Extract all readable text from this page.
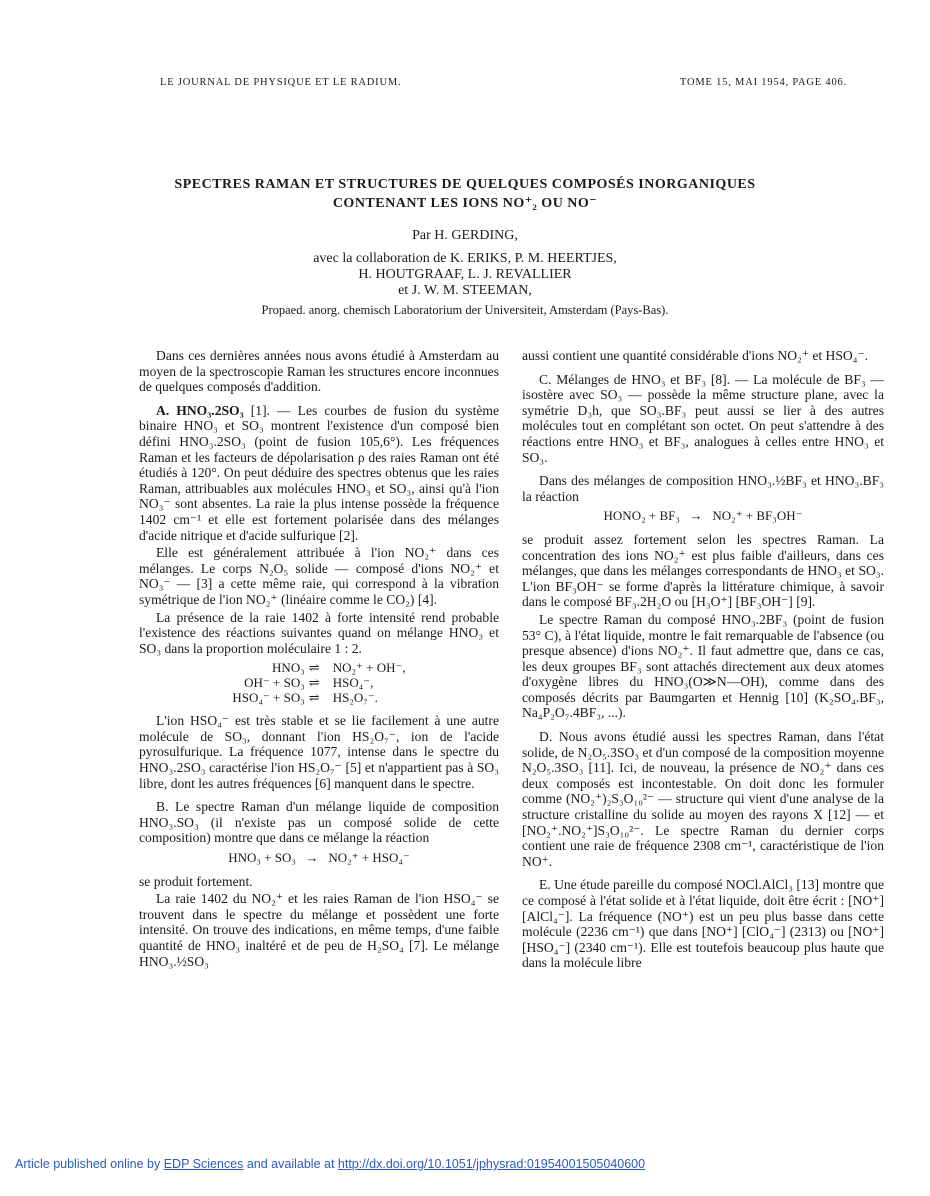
LE JOURNAL DE PHYSIQUE ET LE RADIUM.	TOME 15, MAI 1954, PAGE 406.
SPECTRES RAMAN ET STRUCTURES DE QUELQUES COMPOSÉS INORGANIQUES
CONTENANT LES IONS NO⁺₂ OU NO⁻
Par H. GERDING,
avec la collaboration de K. ERIKS, P. M. HEERTJES,
H. HOUTGRAAF, L. J. REVALLIER
et J. W. M. STEEMAN,
Propaed. anorg. chemisch Laboratorium der Universiteit, Amsterdam (Pays-Bas).

Dans ces dernières années nous avons étudié à Amsterdam au moyen de la spectroscopie Raman les structures encore inconnues de quelques composés d'addition.

A. HNO₃.2SO₃ [1]. — Les courbes de fusion du système binaire HNO₃ et SO₃ montrent l'existence d'un composé bien défini HNO₃.2SO₃ (point de fusion 105,6°). Les fréquences Raman et les facteurs de dépolarisation ρ des raies Raman ont été étudiés à 120°. On peut déduire des spectres obtenus que les raies Raman, attribuables aux molécules HNO₃ et SO₃, ainsi qu'à l'ion NO₃⁻ sont absentes. La raie la plus intense possède la fréquence 1402 cm⁻¹ et elle est fortement polarisée dans des mélanges d'acide nitrique et d'acide sulfurique [2].

Elle est généralement attribuée à l'ion NO₂⁺ dans ces mélanges. Le corps N₂O₅ solide — composé d'ions NO₂⁺ et NO₃⁻ — [3] a cette même raie, qui correspond à la vibration symétrique de l'ion NO₂⁺ (linéaire comme le CO₂) [4].

La présence de la raie 1402 à forte intensité rend probable l'existence des réactions suivantes quand on mélange HNO₃ et SO₃ dans la proportion moléculaire 1 : 2.

HNO₃ ⇌	NO₂⁺ + OH⁻,
OH⁻ + SO₃ ⇌	HSO₄⁻,
HSO₄⁻ + SO₃ ⇌	HS₂O₇⁻.

L'ion HSO₄⁻ est très stable et se lie facilement à une autre molécule de SO₃, donnant l'ion HS₂O₇⁻, ion de l'acide pyrosulfurique. La fréquence 1077, intense dans le spectre du HNO₃.2SO₃ caractérise l'ion HS₂O₇⁻ [5] et n'appartient pas à SO₃ libre, dont les autres fréquences [6] manquent dans le spectre.

B. Le spectre Raman d'un mélange liquide de composition HNO₃.SO₃ (il n'existe pas un composé solide de cette composition) montre que dans ce mélange la réaction

HNO₃ + SO₃   →   NO₂⁺ + HSO₄⁻

se produit fortement.

La raie 1402 du NO₂⁺ et les raies Raman de l'ion HSO₄⁻ se trouvent dans le spectre du mélange et possèdent une forte intensité. On trouve des indications, en même temps, d'une faible quantité de HNO₃ inaltéré et de peu de H₂SO₄ [7]. Le mélange HNO₃.½SO₃

aussi contient une quantité considérable d'ions NO₂⁺ et HSO₄⁻.

C. Mélanges de HNO₃ et BF₃ [8]. — La molécule de BF₃ — isostère avec SO₃ — possède la même structure plane, avec la symétrie D₃h, que SO₃.BF₃ peut aussi se lier à des autres molécules tout en complétant son octet. On peut s'attendre à des réactions entre HNO₃ et BF₃, analogues à celles entre HNO₃ et SO₃.

Dans des mélanges de composition HNO₃.½BF₃ et HNO₃.BF₃ la réaction

HONO₂ + BF₃   →   NO₂⁺ + BF₃OH⁻

se produit assez fortement selon les spectres Raman. La concentration des ions NO₂⁺ est plus faible d'ailleurs, dans ces mélanges, que dans les mélanges correspondants de HNO₃ et SO₃. L'ion BF₃OH⁻ se forme d'après la littérature chimique, à savoir dans le composé BF₃.2H₂O ou [H₃O⁺] [BF₃OH⁻] [9].

Le spectre Raman du composé HNO₃.2BF₃ (point de fusion 53° C), à l'état liquide, montre le fait remarquable de l'absence (ou presque absence) d'ions NO₂⁺. Il faut admettre que, dans ce cas, les deux groupes BF₃ sont attachés directement aux deux atomes d'oxygène libres du HNO₃(O≫N—OH), comme dans des composés décrits par Baumgarten et Hennig [10] (K₂SO₄.BF₃, Na₄P₂O₇.4BF₃, ...).

D. Nous avons étudié aussi les spectres Raman, dans l'état solide, de N₂O₅.3SO₃ et d'un composé de la composition moyenne N₂O₅.3SO₃ [11]. Ici, de nouveau, la présence de NO₂⁺ dans ces deux composés est incontestable. On doit donc les formuler comme (NO₂⁺)₂S₃O₁₀²⁻ — structure qui vient d'une analyse de la structure cristalline du solide au moyen des rayons X [12] — et [NO₂⁺.NO₂⁺]S₃O₁₀²⁻. Le spectre Raman du dernier corps contient une raie de fréquence 2308 cm⁻¹, caractéristique de l'ion NO⁺.

E. Une étude pareille du composé NOCl.AlCl₃ [13] montre que ce composé à l'état solide et à l'état liquide, doit être écrit : [NO⁺] [AlCl₄⁻]. La fréquence (NO⁺) est un peu plus basse dans cette molécule (2236 cm⁻¹) que dans [NO⁺] [ClO₄⁻] (2313) ou [NO⁺] [HSO₄⁻] (2340 cm⁻¹). Elle est toutefois beaucoup plus haute que dans la molécule libre

Article published online by EDP Sciences and available at http://dx.doi.org/10.1051/jphysrad:01954001505040600
